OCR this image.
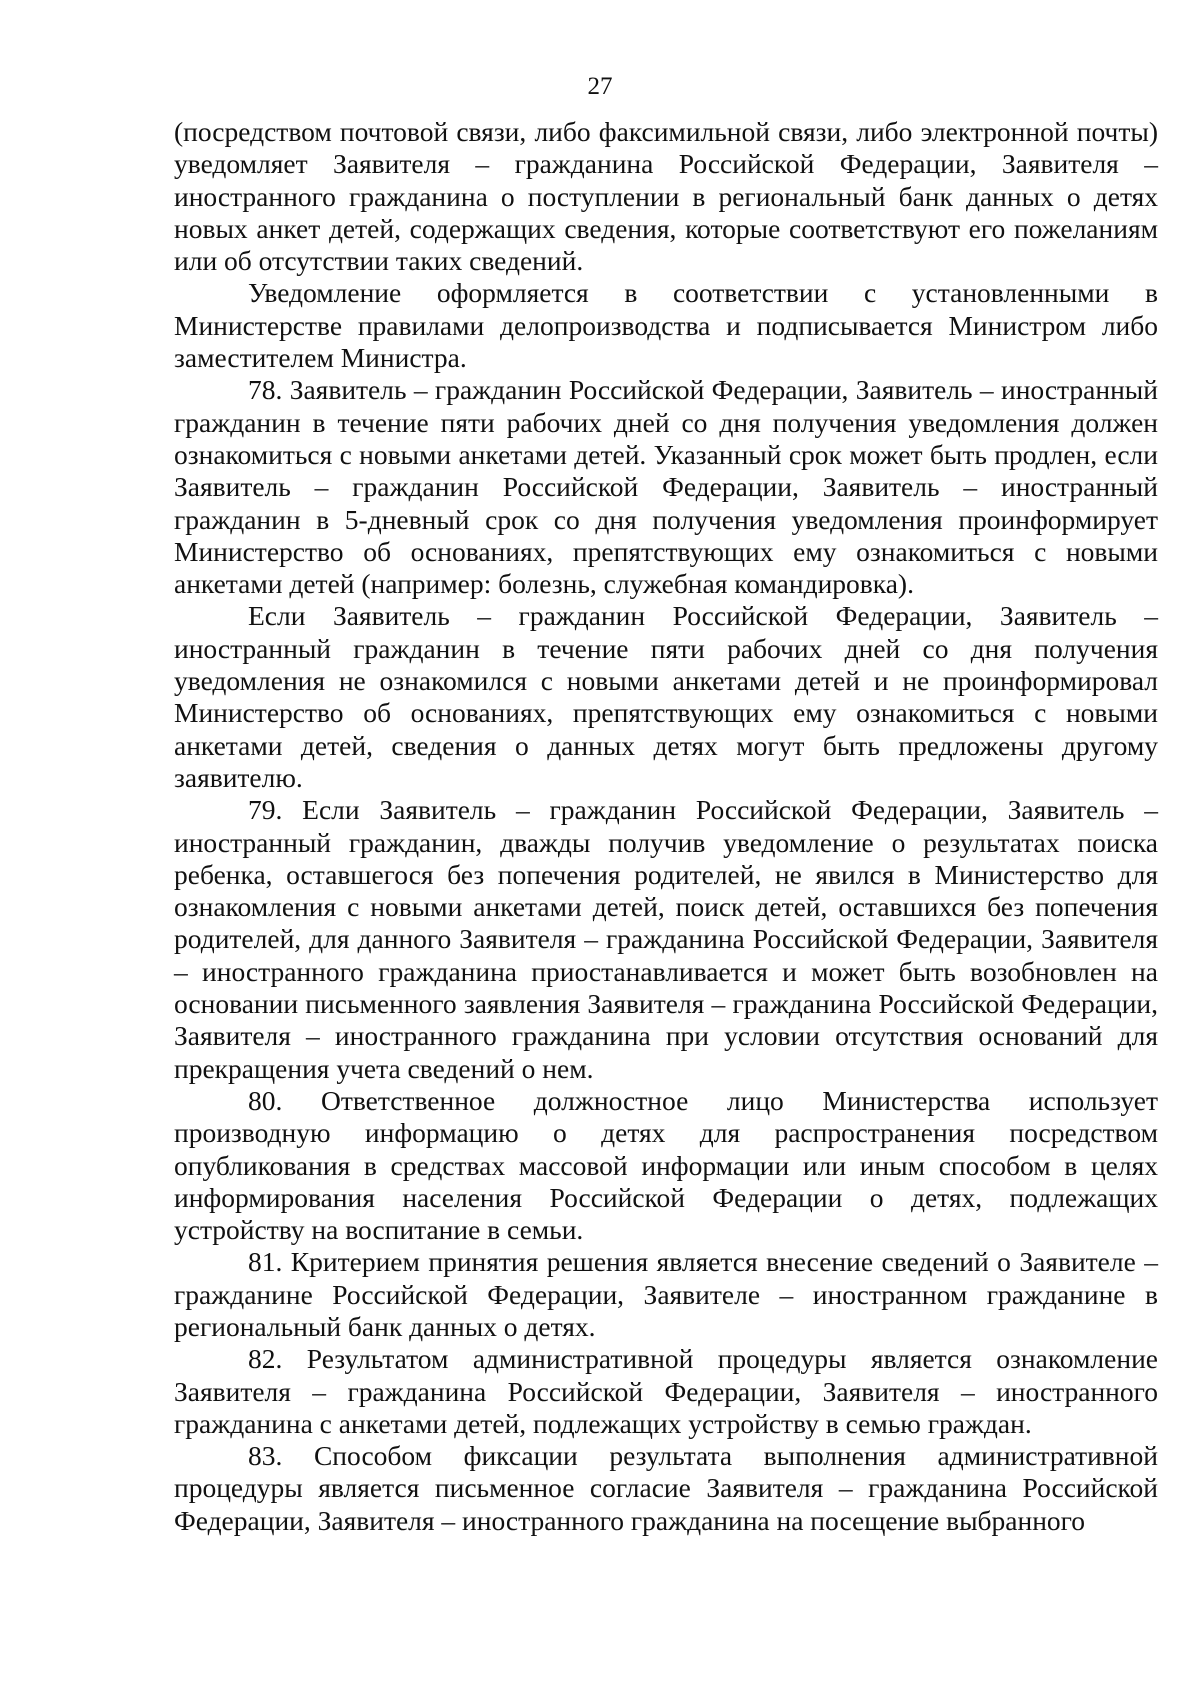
27

(посредством почтовой связи, либо факсимильной связи, либо электронной почты) уведомляет Заявителя – гражданина Российской Федерации, Заявителя – иностранного гражданина о поступлении в региональный банк данных о детях новых анкет детей, содержащих сведения, которые соответствуют его пожеланиям или об отсутствии таких сведений.

Уведомление оформляется в соответствии с установленными в Министерстве правилами делопроизводства и подписывается Министром либо заместителем Министра.

78. Заявитель – гражданин Российской Федерации, Заявитель – иностранный гражданин в течение пяти рабочих дней со дня получения уведомления должен ознакомиться с новыми анкетами детей. Указанный срок может быть продлен, если Заявитель – гражданин Российской Федерации, Заявитель – иностранный гражданин в 5-дневный срок со дня получения уведомления проинформирует Министерство об основаниях, препятствующих ему ознакомиться с новыми анкетами детей (например: болезнь, служебная командировка).

Если Заявитель – гражданин Российской Федерации, Заявитель – иностранный гражданин в течение пяти рабочих дней со дня получения уведомления не ознакомился с новыми анкетами детей и не проинформировал Министерство об основаниях, препятствующих ему ознакомиться с новыми анкетами детей, сведения о данных детях могут быть предложены другому заявителю.

79. Если Заявитель – гражданин Российской Федерации, Заявитель – иностранный гражданин, дважды получив уведомление о результатах поиска ребенка, оставшегося без попечения родителей, не явился в Министерство для ознакомления с новыми анкетами детей, поиск детей, оставшихся без попечения родителей, для данного Заявителя – гражданина Российской Федерации, Заявителя – иностранного гражданина приостанавливается и может быть возобновлен на основании письменного заявления Заявителя – гражданина Российской Федерации, Заявителя – иностранного гражданина при условии отсутствия оснований для прекращения учета сведений о нем.

80. Ответственное должностное лицо Министерства использует производную информацию о детях для распространения посредством опубликования в средствах массовой информации или иным способом в целях информирования населения Российской Федерации о детях, подлежащих устройству на воспитание в семьи.

81. Критерием принятия решения является внесение сведений о Заявителе – гражданине Российской Федерации, Заявителе – иностранном гражданине в региональный банк данных о детях.

82. Результатом административной процедуры является ознакомление Заявителя – гражданина Российской Федерации, Заявителя – иностранного гражданина с анкетами детей, подлежащих устройству в семью граждан.

83. Способом фиксации результата выполнения административной процедуры является письменное согласие Заявителя – гражданина Российской Федерации, Заявителя – иностранного гражданина на посещение выбранного
